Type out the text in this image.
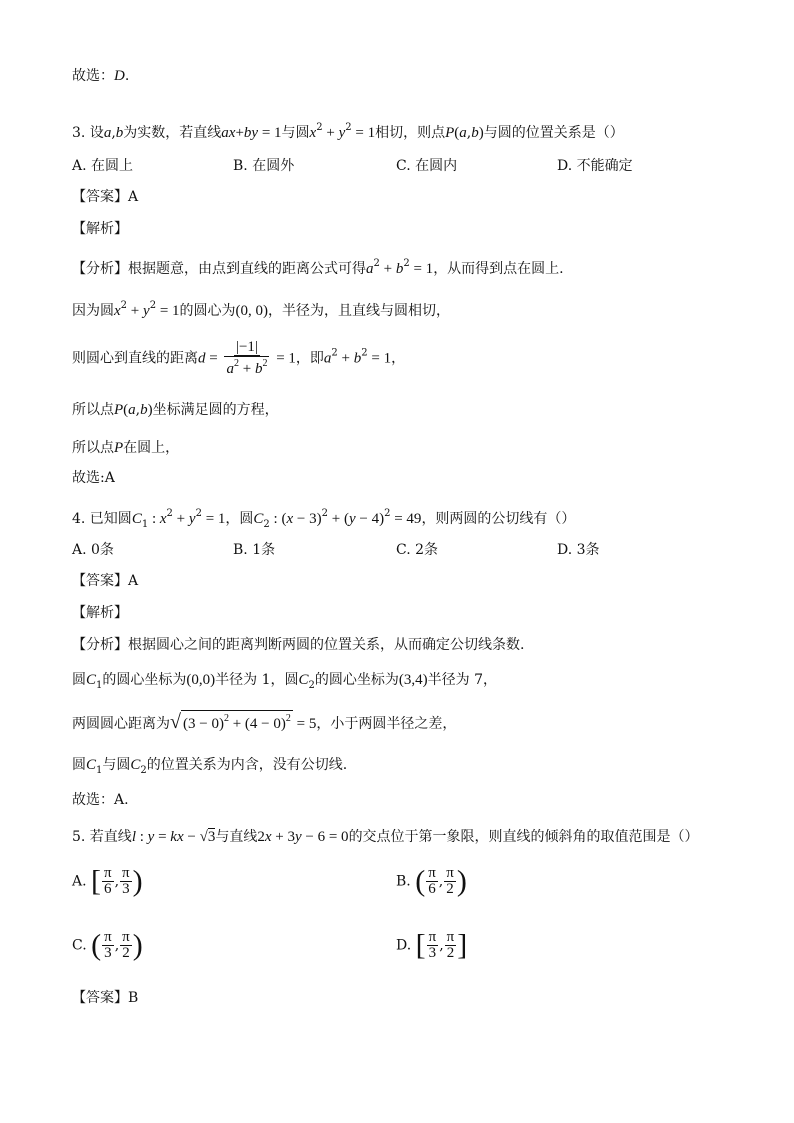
故选：D.
3. 设a,b为实数，若直线ax+by = 1与圆$x^2 + y^2 = 1$相切，则点P(a,b)与圆的位置关系是（）
A. 在圆上	B. 在圆外	C. 在圆内	D. 不能确定
【答案】A
【解析】
【分析】根据题意，由点到直线的距离公式可得$a^2 + b^2 = 1$，从而得到点在圆上.
因为圆$x^2 + y^2 = 1$的圆心为(0, 0)，半径为，且直线与圆相切，
则圆心到直线的距离$d = \frac{|-1|}{a^2 + b^2} = 1$，即$a^2 + b^2 = 1$，
所以点P(a,b)坐标满足圆的方程，
所以点P在圆上，
故选:A
4. 已知圆$C_1$ : $x^2 + y^2 = 1$，圆$C_2$ : $(x - 3)^2 + (y - 4)^2 = 49$，则两圆的公切线有（）
A. 0条	B. 1条	C. 2条	D. 3条
【答案】A
【解析】
【分析】根据圆心之间的距离判断两圆的位置关系，从而确定公切线条数.
圆$C_1$的圆心坐标为(0,0)半径为 1，圆$C_2$的圆心坐标为(3,4)半径为 7，
两圆圆心距离为√ $(3 - 0)^2 + (4 - 0)^2 = 5$，小于两圆半径之差，
圆$C_1$与圆$C_2$的位置关系为内含，没有公切线.
故选：A.
5. 若直线l : y = kx − √3与直线2x + 3y − 6 = 0的交点位于第一象限，则直线的倾斜角的取值范围是（）
A. [ $\frac{\pi}{6}$ , $\frac{\pi}{3}$ )	B. ( $\frac{\pi}{6}$ , $\frac{\pi}{2}$ )
C. ( $\frac{\pi}{3}$ , $\frac{\pi}{2}$ )	D. [ $\frac{\pi}{3}$ , $\frac{\pi}{2}$ ]
【答案】B
